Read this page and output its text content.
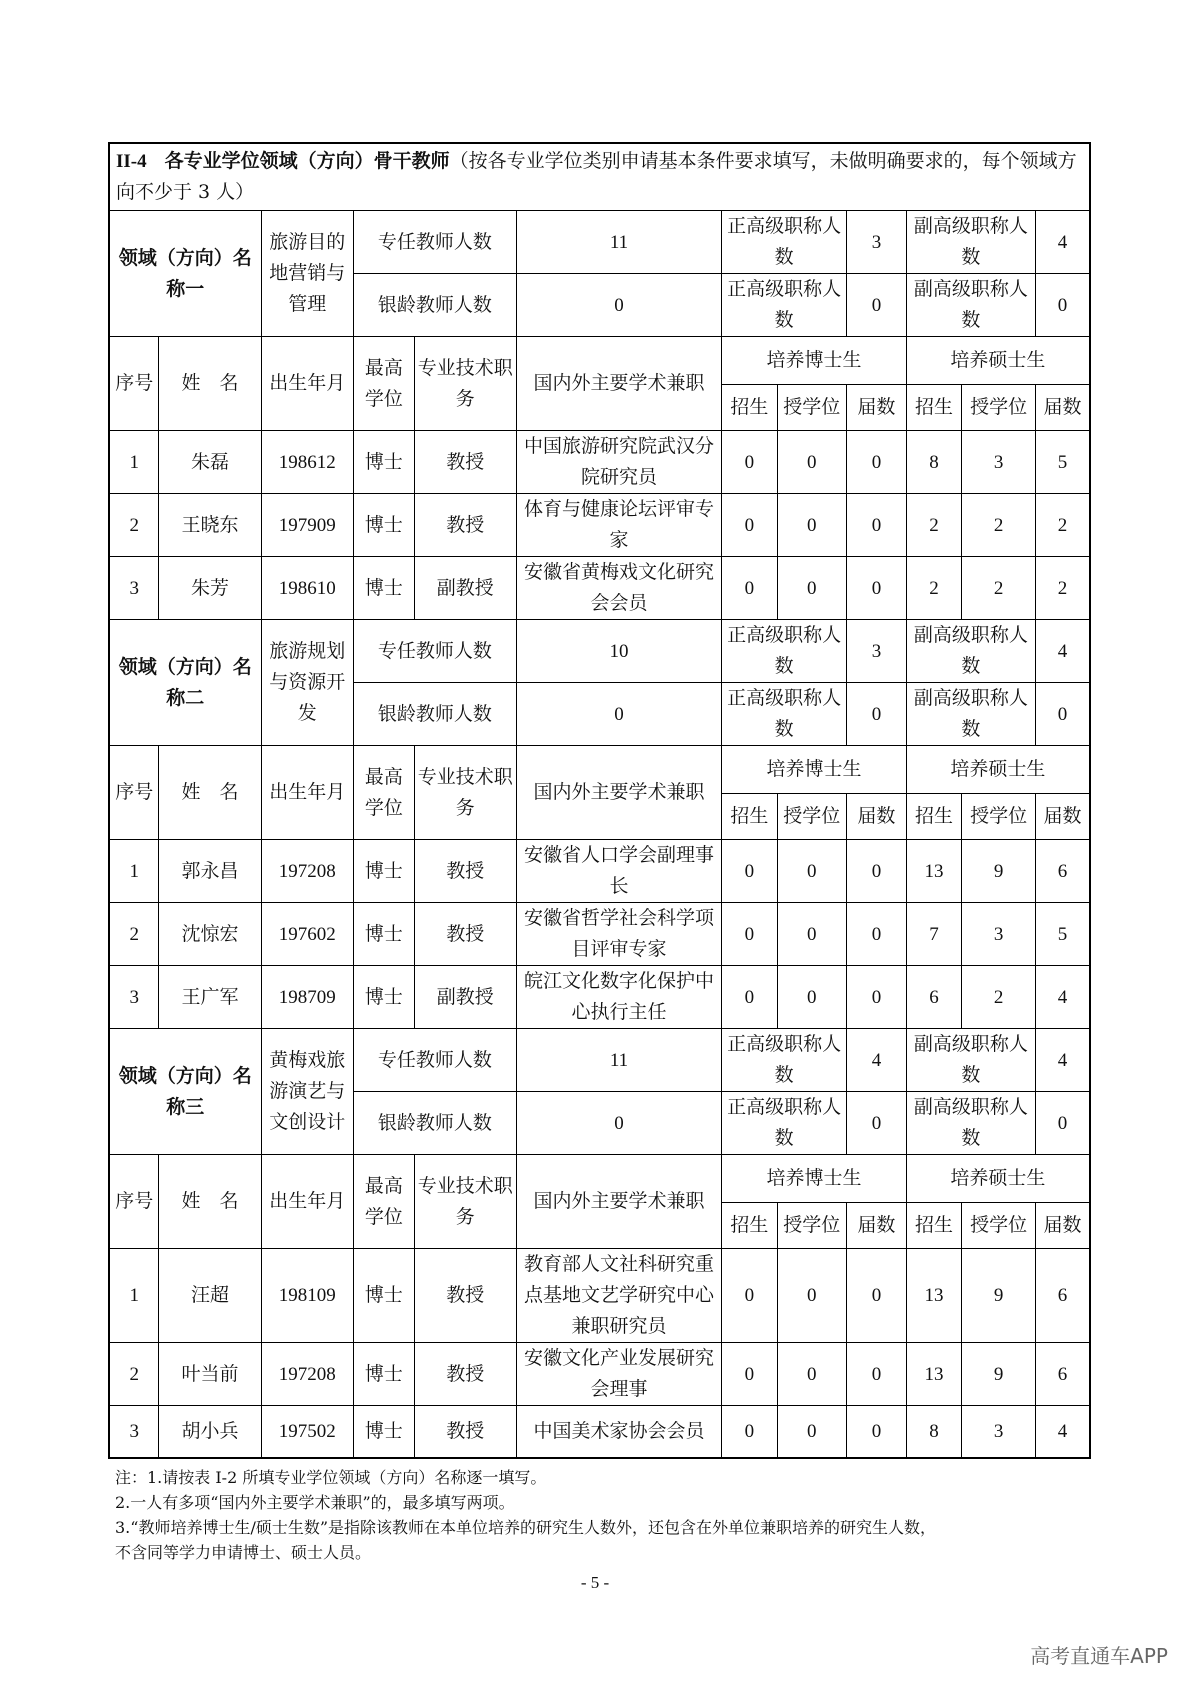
II-4 各专业学位领域（方向）骨干教师（按各专业学位类别申请基本条件要求填写，未做明确要求的，每个领域方向不少于 3 人）											
领域（方向）名称一		旅游目的地营销与管理	专任教师人数		11	正高级职称人数		3	副高级职称人数		4
			银龄教师人数		0	正高级职称人数		0	副高级职称人数		0
序号	姓　名	出生年月	最高学位	专业技术职　务	国内外主要学术兼职	培养博士生			培养硕士生		
						招生	授学位	届数	招生	授学位	届数
1	朱磊	198612	博士	教授	中国旅游研究院武汉分院研究员	0	0	0	8	3	5
2	王晓东	197909	博士	教授	体育与健康论坛评审专家	0	0	0	2	2	2
3	朱芳	198610	博士	副教授	安徽省黄梅戏文化研究会会员	0	0	0	2	2	2
领域（方向）名称二		旅游规划与资源开发	专任教师人数		10	正高级职称人数		3	副高级职称人数		4
			银龄教师人数		0	正高级职称人数		0	副高级职称人数		0
序号	姓　名	出生年月	最高学位	专业技术职　务	国内外主要学术兼职	培养博士生			培养硕士生		
						招生	授学位	届数	招生	授学位	届数
1	郭永昌	197208	博士	教授	安徽省人口学会副理事长	0	0	0	13	9	6
2	沈惊宏	197602	博士	教授	安徽省哲学社会科学项目评审专家	0	0	0	7	3	5
3	王广军	198709	博士	副教授	皖江文化数字化保护中心执行主任	0	0	0	6	2	4
领域（方向）名称三		黄梅戏旅游演艺与文创设计	专任教师人数		11	正高级职称人数		4	副高级职称人数		4
			银龄教师人数		0	正高级职称人数		0	副高级职称人数		0
序号	姓　名	出生年月	最高学位	专业技术职　务	国内外主要学术兼职	培养博士生			培养硕士生		
						招生	授学位	届数	招生	授学位	届数
1	汪超	198109	博士	教授	教育部人文社科研究重点基地文艺学研究中心兼职研究员	0	0	0	13	9	6
2	叶当前	197208	博士	教授	安徽文化产业发展研究会理事	0	0	0	13	9	6
3	胡小兵	197502	博士	教授	中国美术家协会会员	0	0	0	8	3	4
注：1.请按表 I-2 所填专业学位领域（方向）名称逐一填写。
2.一人有多项“国内外主要学术兼职”的，最多填写两项。
3.“教师培养博士生/硕士生数”是指除该教师在本单位培养的研究生人数外，还包含在外单位兼职培养的研究生人数，
不含同等学力申请博士、硕士人员。
- 5 -
高考直通车APP
